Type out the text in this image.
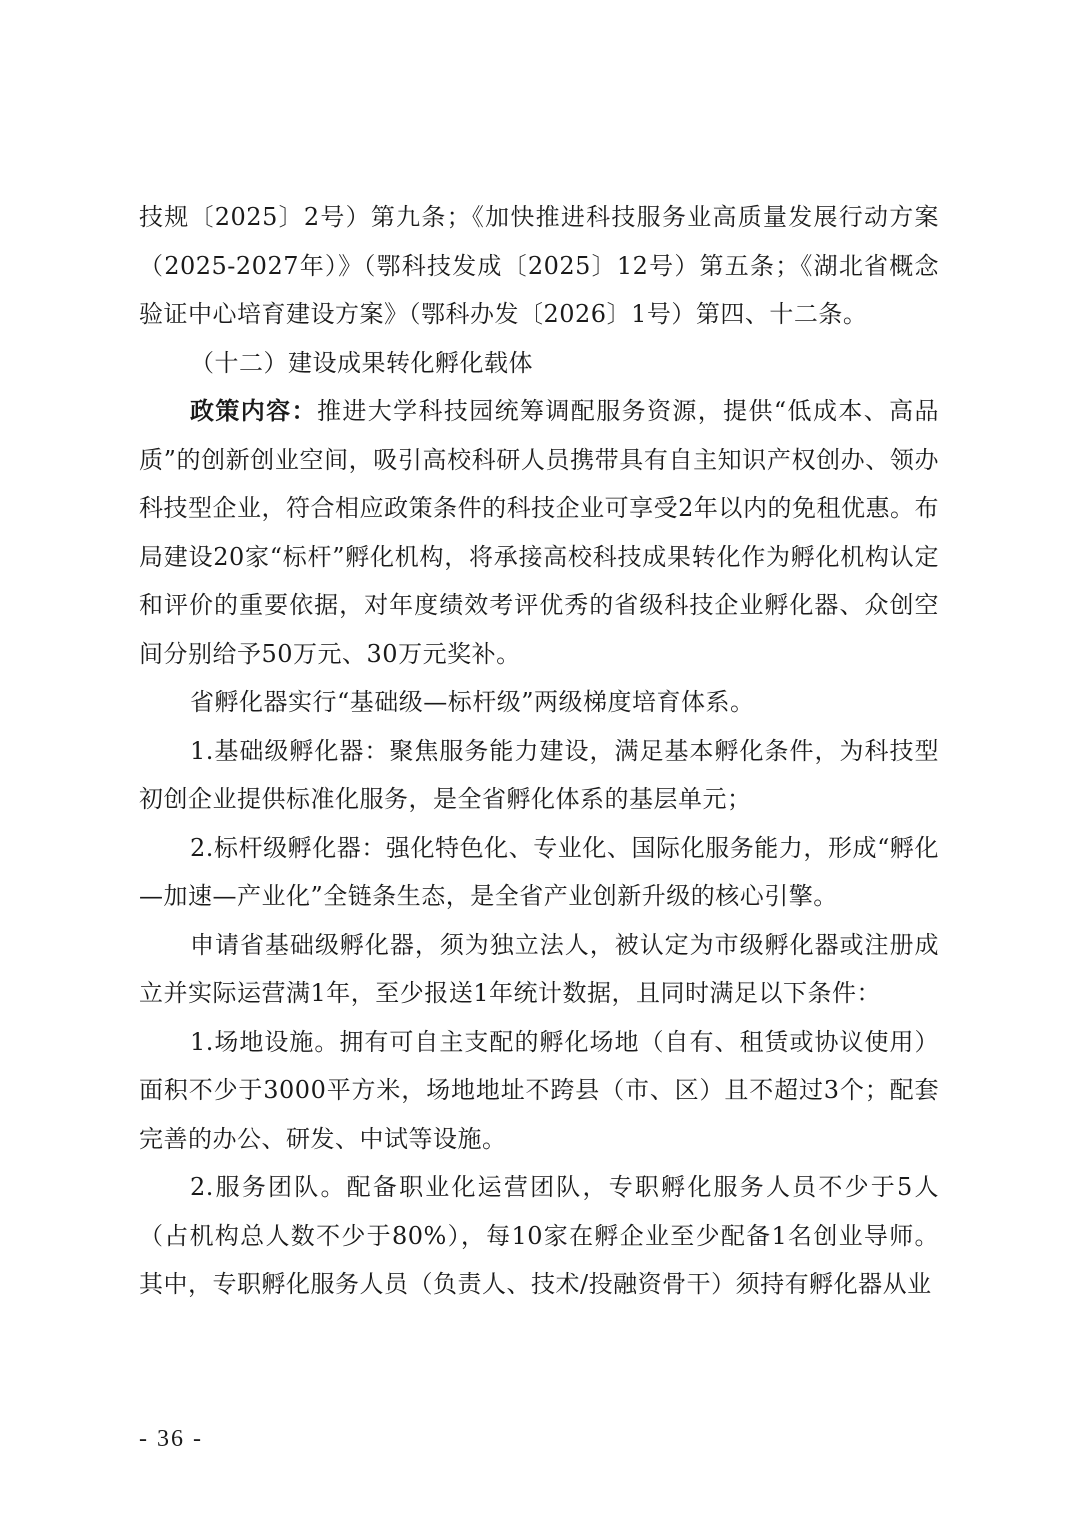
技规〔2025〕2号）第九条；《加快推进科技服务业高质量发展行动方案（2025-2027年）》（鄂科技发成〔2025〕12号）第五条；《湖北省概念验证中心培育建设方案》（鄂科办发〔2026〕1号）第四、十二条。

（十二）建设成果转化孵化载体

政策内容：推进大学科技园统筹调配服务资源，提供“低成本、高品质”的创新创业空间，吸引高校科研人员携带具有自主知识产权创办、领办科技型企业，符合相应政策条件的科技企业可享受2年以内的免租优惠。布局建设20家“标杆”孵化机构，将承接高校科技成果转化作为孵化机构认定和评价的重要依据，对年度绩效考评优秀的省级科技企业孵化器、众创空间分别给予50万元、30万元奖补。

省孵化器实行“基础级—标杆级”两级梯度培育体系。

1.基础级孵化器：聚焦服务能力建设，满足基本孵化条件，为科技型初创企业提供标准化服务，是全省孵化体系的基层单元；

2.标杆级孵化器：强化特色化、专业化、国际化服务能力，形成“孵化—加速—产业化”全链条生态，是全省产业创新升级的核心引擎。

申请省基础级孵化器，须为独立法人，被认定为市级孵化器或注册成立并实际运营满1年，至少报送1年统计数据，且同时满足以下条件：

1.场地设施。拥有可自主支配的孵化场地（自有、租赁或协议使用）面积不少于3000平方米，场地地址不跨县（市、区）且不超过3个；配套完善的办公、研发、中试等设施。

2.服务团队。配备职业化运营团队，专职孵化服务人员不少于5人（占机构总人数不少于80%），每10家在孵企业至少配备1名创业导师。其中，专职孵化服务人员（负责人、技术/投融资骨干）须持有孵化器从业

- 36 -
